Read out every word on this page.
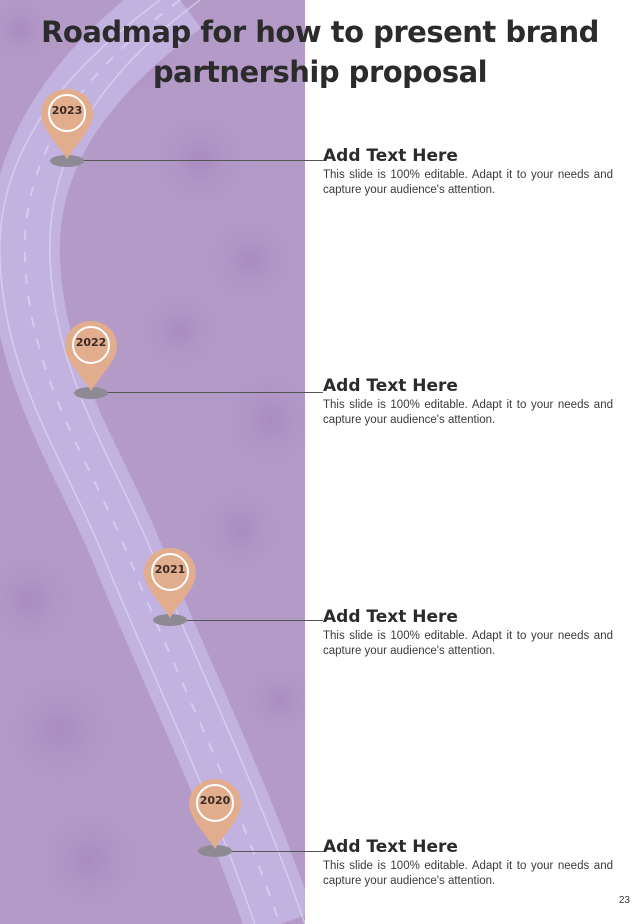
Roadmap for how to present brand partnership proposal
2023
Add Text Here

This slide is 100% editable. Adapt it to your needs and capture your audience's attention.

2022
Add Text Here

This slide is 100% editable. Adapt it to your needs and capture your audience's attention.

2021
Add Text Here

This slide is 100% editable. Adapt it to your needs and capture your audience's attention.

2020
Add Text Here

This slide is 100% editable. Adapt it to your needs and capture your audience's attention.

23
